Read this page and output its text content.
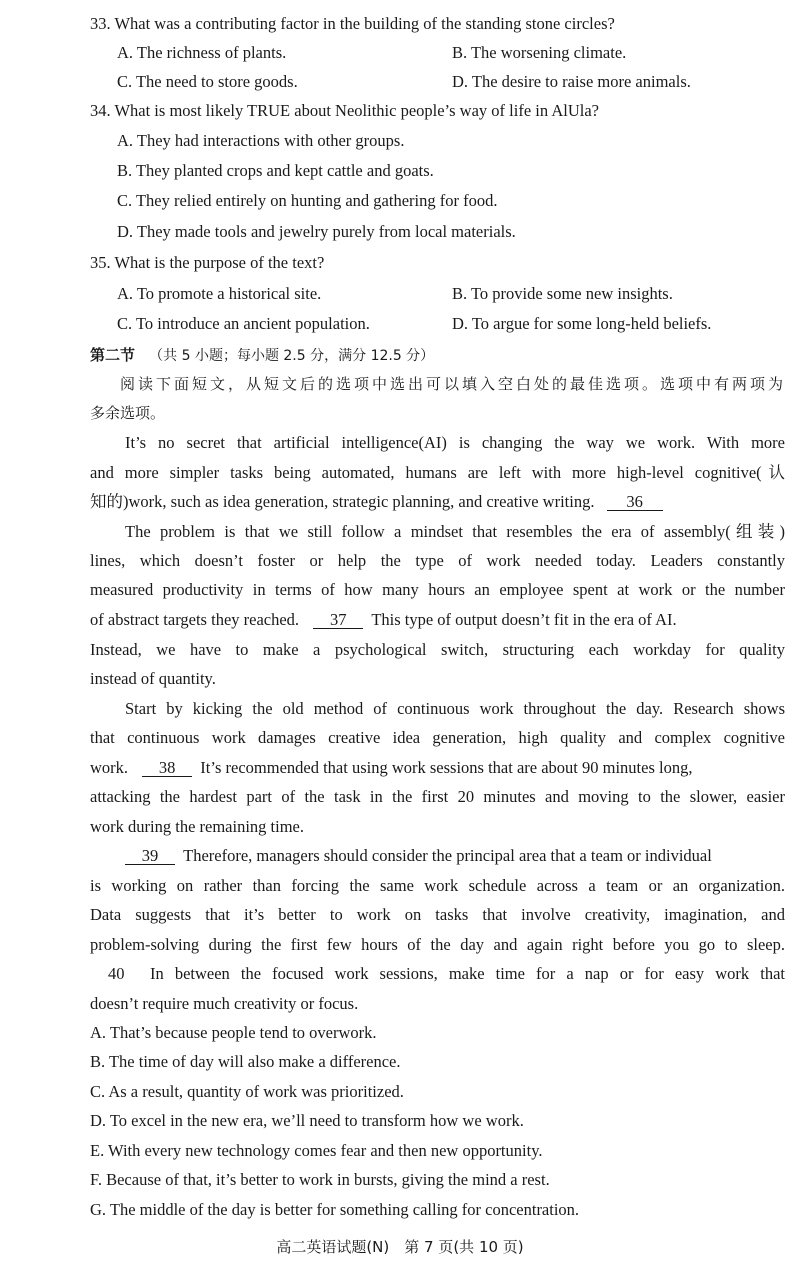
33. What was a contributing factor in the building of the standing stone circles?
A. The richness of plants.	B. The worsening climate.
C. The need to store goods.	D. The desire to raise more animals.
34. What is most likely TRUE about Neolithic people’s way of life in AlUla?
A. They had interactions with other groups.
B. They planted crops and kept cattle and goats.
C. They relied entirely on hunting and gathering for food.
D. They made tools and jewelry purely from local materials.
35. What is the purpose of the text?
A. To promote a historical site.	B. To provide some new insights.
C. To introduce an ancient population.	D. To argue for some long-held beliefs.
第二节 （共 5 小题；每小题 2.5 分，满分 12.5 分）
阅读下面短文，从短文后的选项中选出可以填入空白处的最佳选项。选项中有两项为
多余选项。
It’s no secret that artificial intelligence(AI) is changing the way we work. With more
and more simpler tasks being automated, humans are left with more high-level cognitive(认
知的)work, such as idea generation, strategic planning, and creative writing. 36
The problem is that we still follow a mindset that resembles the era of assembly(组装)
lines, which doesn’t foster or help the type of work needed today. Leaders constantly
measured productivity in terms of how many hours an employee spent at work or the number
of abstract targets they reached. 37 This type of output doesn’t fit in the era of AI.
Instead, we have to make a psychological switch, structuring each workday for quality
instead of quantity.
Start by kicking the old method of continuous work throughout the day. Research shows
that continuous work damages creative idea generation, high quality and complex cognitive
work. 38 It’s recommended that using work sessions that are about 90 minutes long,
attacking the hardest part of the task in the first 20 minutes and moving to the slower, easier
work during the remaining time.
39 Therefore, managers should consider the principal area that a team or individual
is working on rather than forcing the same work schedule across a team or an organization.
Data suggests that it’s better to work on tasks that involve creativity, imagination, and
problem-solving during the first few hours of the day and again right before you go to sleep.
40 In between the focused work sessions, make time for a nap or for easy work that
doesn’t require much creativity or focus.
A. That’s because people tend to overwork.
B. The time of day will also make a difference.
C. As a result, quantity of work was prioritized.
D. To excel in the new era, we’ll need to transform how we work.
E. With every new technology comes fear and then new opportunity.
F. Because of that, it’s better to work in bursts, giving the mind a rest.
G. The middle of the day is better for something calling for concentration.
高二英语试题(N)　第 7 页(共 10 页)
